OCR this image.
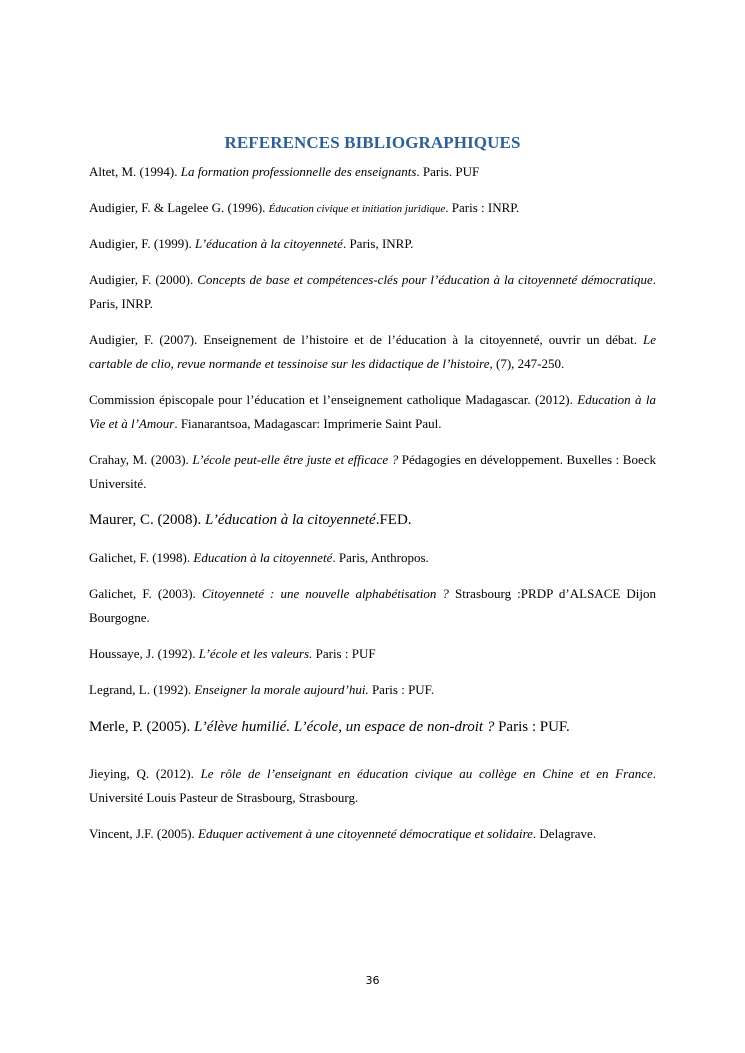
REFERENCES BIBLIOGRAPHIQUES
Altet, M. (1994). La formation professionnelle des enseignants. Paris. PUF
Audigier, F. & Lagelee G. (1996). Éducation civique et initiation juridique. Paris : INRP.
Audigier, F. (1999). L’éducation à la citoyenneté. Paris, INRP.
Audigier, F. (2000). Concepts de base et compétences-clés pour l’éducation à la citoyenneté démocratique. Paris, INRP.
Audigier, F. (2007). Enseignement de l’histoire et de l’éducation à la citoyenneté, ouvrir un débat. Le cartable de clio, revue normande et tessinoise sur les didactique de l’histoire, (7), 247-250.
Commission épiscopale pour l’éducation et l’enseignement catholique Madagascar. (2012). Education à la Vie et à l’Amour. Fianarantsoa, Madagascar: Imprimerie Saint Paul.
Crahay, M. (2003). L’école peut-elle être juste et efficace ? Pédagogies en développement. Buxelles : Boeck Université.
Maurer, C. (2008). L’éducation à la citoyenneté.FED.
Galichet, F. (1998). Education à la citoyenneté. Paris, Anthropos.
Galichet, F. (2003). Citoyenneté : une nouvelle alphabétisation ? Strasbourg :PRDP d’ALSACE Dijon Bourgogne.
Houssaye, J. (1992). L’école et les valeurs. Paris : PUF
Legrand, L. (1992). Enseigner la morale aujourd’hui. Paris : PUF.
Merle, P. (2005). L’élève humilié. L’école, un espace de non-droit ? Paris : PUF.
Jieying, Q. (2012). Le rôle de l’enseignant en éducation civique au collège en Chine et en France. Université Louis Pasteur de Strasbourg, Strasbourg.
Vincent, J.F. (2005). Eduquer activement à une citoyenneté démocratique et solidaire. Delagrave.
36
